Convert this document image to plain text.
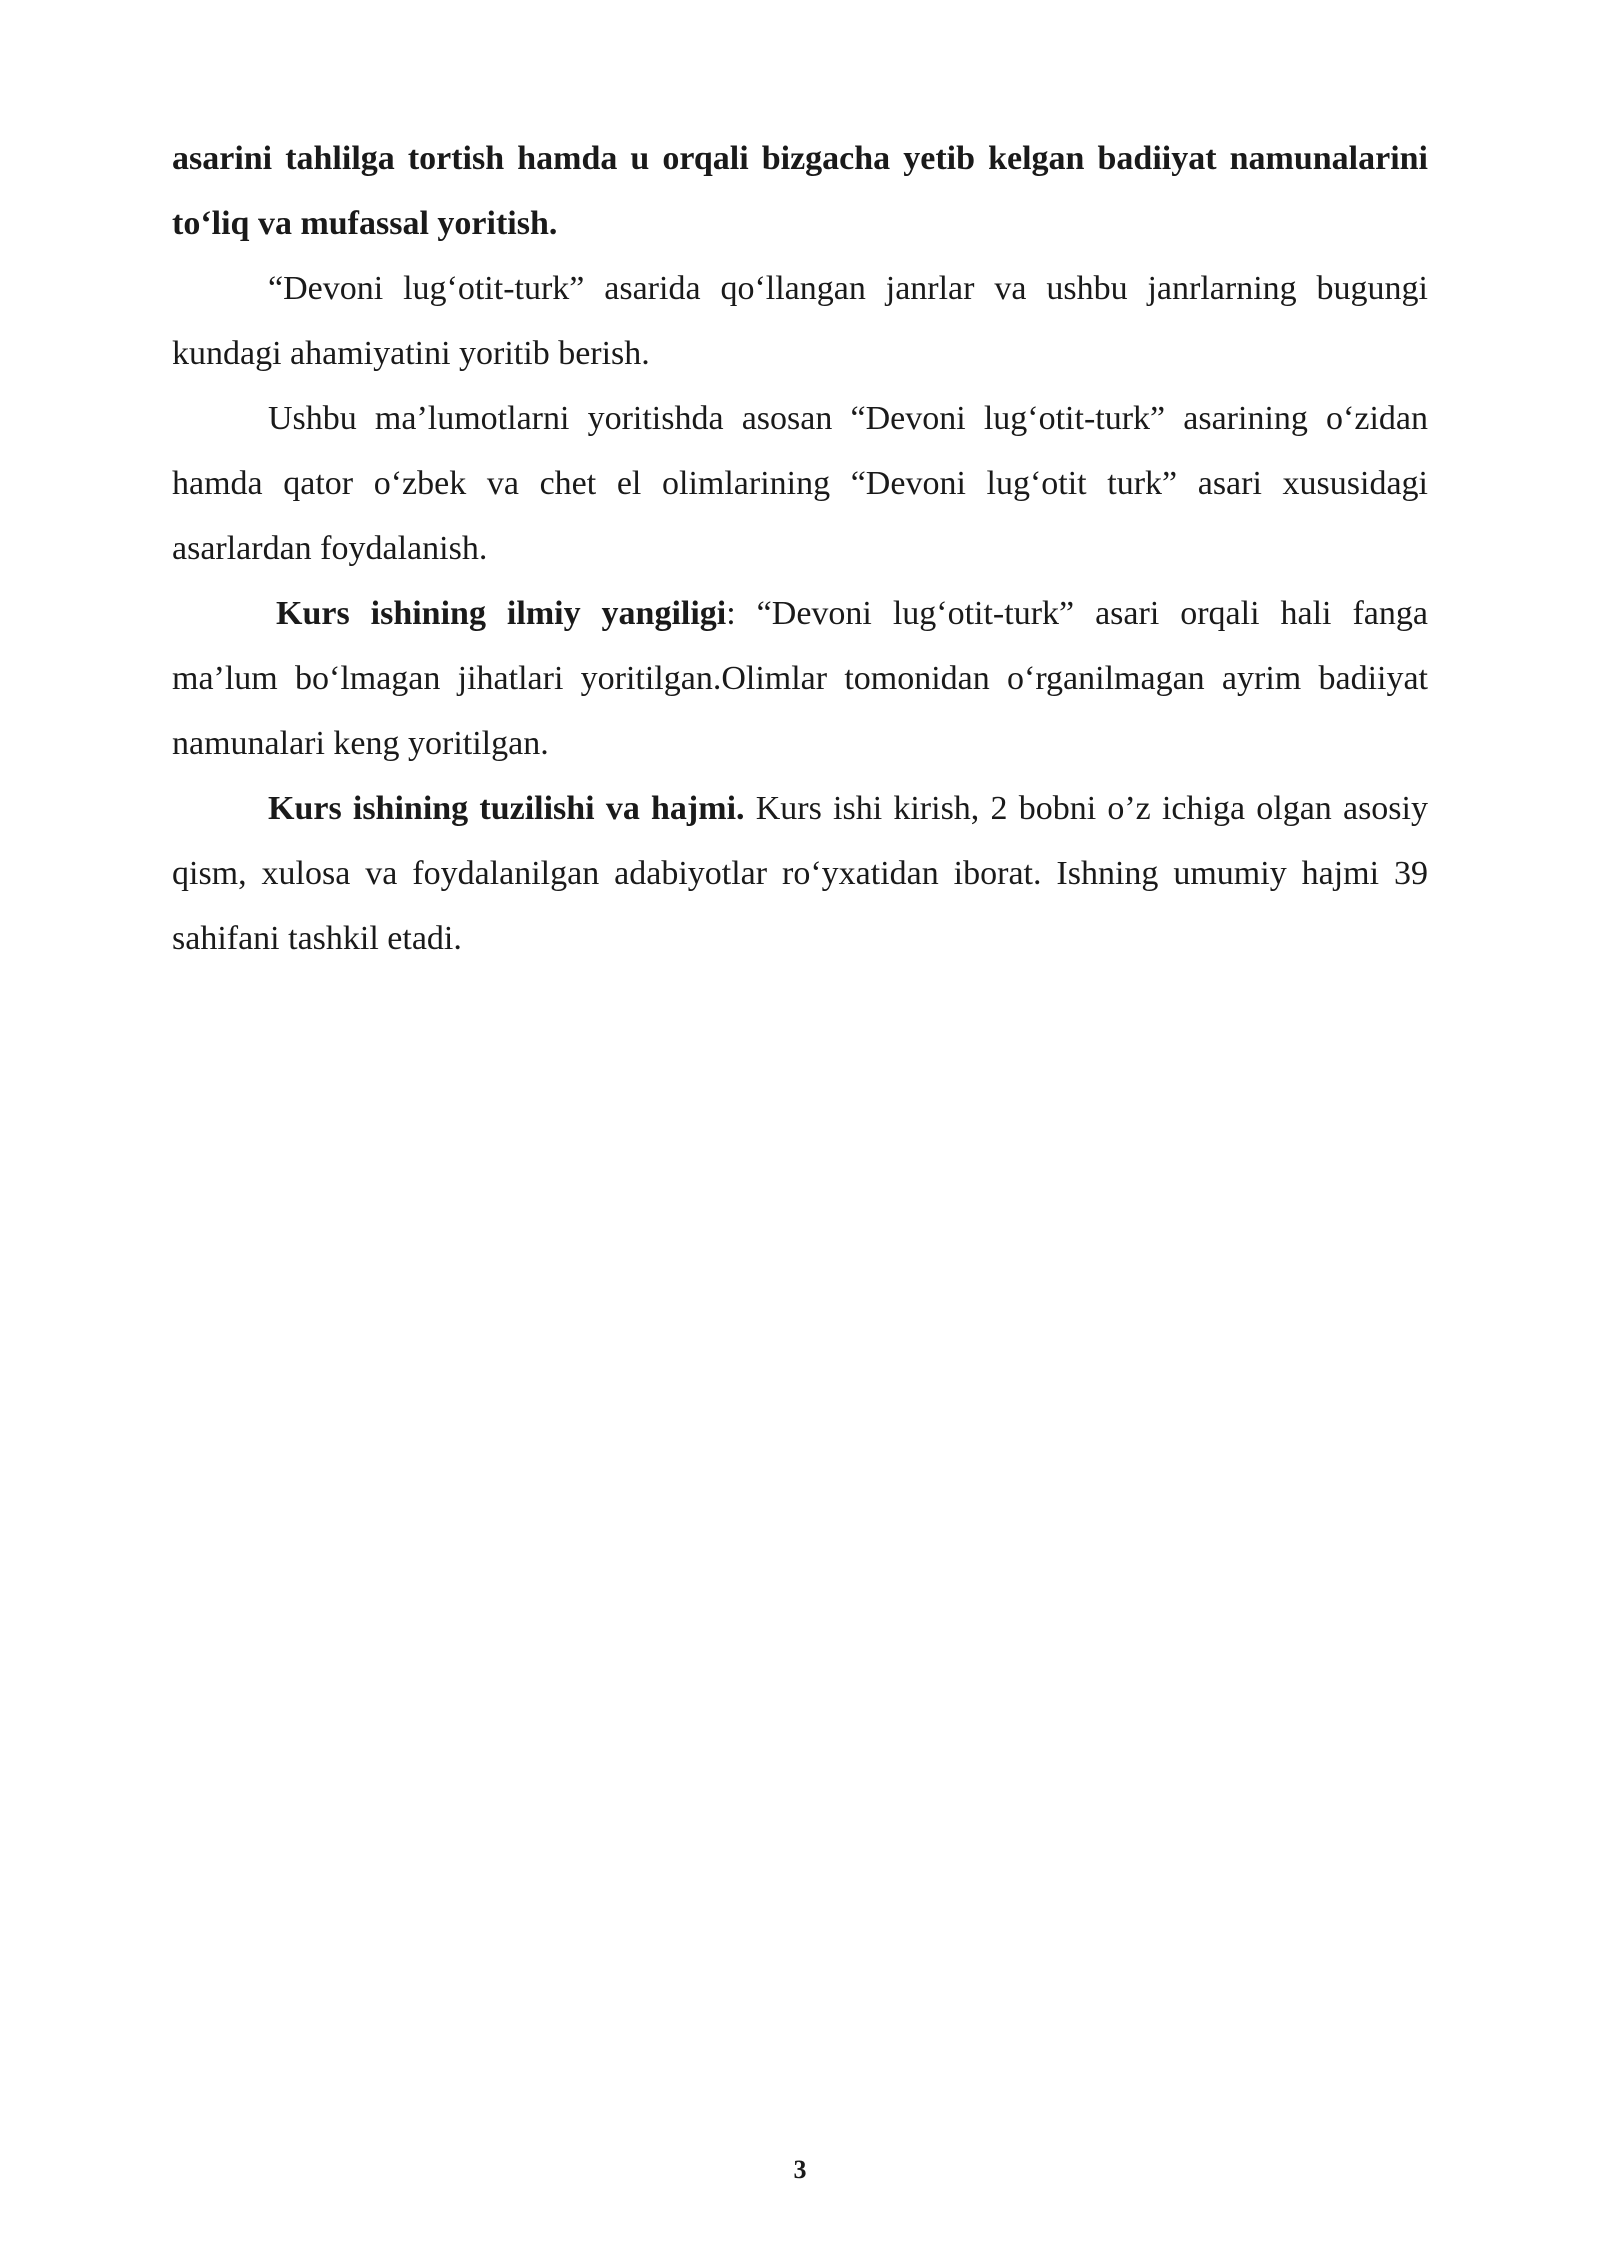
asarini tahlilga tortish hamda u orqali bizgacha yetib kelgan badiiyat namunalarini to‘liq va mufassal yoritish.

“Devoni lug‘otit-turk” asarida qo‘llangan janrlar va ushbu janrlarning bugungi kundagi ahamiyatini yoritib berish.

Ushbu ma’lumotlarni yoritishda asosan “Devoni lug‘otit-turk” asarining o‘zidan hamda qator o‘zbek va chet el olimlarining “Devoni lug‘otit turk” asari xususidagi asarlardan foydalanish.

Kurs ishining ilmiy yangiligi: “Devoni lug‘otit-turk” asari orqali hali fanga ma’lum bo‘lmagan jihatlari yoritilgan.Olimlar tomonidan o‘rganilmagan ayrim badiiyat namunalari keng yoritilgan.

Kurs ishining tuzilishi va hajmi. Kurs ishi kirish, 2 bobni o’z ichiga olgan asosiy qism, xulosa va foydalanilgan adabiyotlar ro‘yxatidan iborat. Ishning umumiy hajmi 39 sahifani tashkil etadi.

3
